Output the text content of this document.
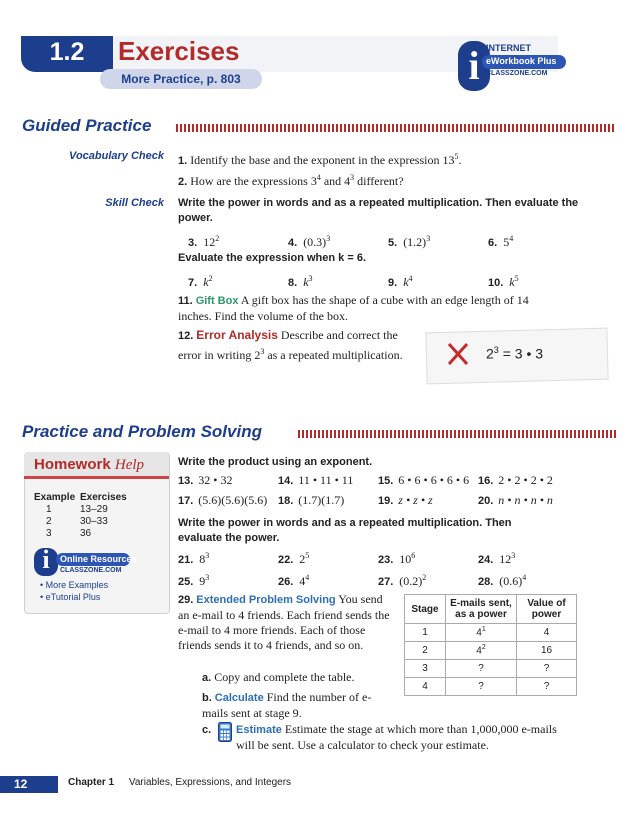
1.2	Exercises
More Practice, p. 803	i INTERNET
eWorkbook Plus
CLASSZONE.COM
Guided Practice
Vocabulary Check 1. Identify the base and the exponent in the expression $13^5$.
2. How are the expressions $3^4$ and $4^3$ different?
Skill Check Write the power in words and as a repeated multiplication. Then evaluate the power.
3. $12^2$	4. $(0.3)^3$	5. $(1.2)^3$	6. $5^4$
Evaluate the expression when k = 6.
7. $k^2$	8. $k^3$	9. $k^4$	10. $k^5$
11. Gift Box A gift box has the shape of a cube with an edge length of 14 inches. Find the volume of the box.
12. Error Analysis Describe and correct the error in writing $2^3$ as a repeated multiplication.	$2^3 = 3$ • 3
Practice and Problem Solving
Homework Help
Example Exercises
1	13–29
2	30–33
3	36
i	Online Resources
CLASSZONE.COM
• More Examples
• eTutorial Plus
Write the product using an exponent.
13. 32 • 32	14. 11 • 11 • 11 15. 6 • 6 • 6 • 6 • 6 16. 2 • 2 • 2 • 2
17. (5.6)(5.6)(5.6) 18. (1.7)(1.7)	19. z • z • z	20. n • n • n • n
Write the power in words and as a repeated multiplication. Then evaluate the power.
21. $8^3$	22. $2^5$	23. $10^6$	24. $12^3$
25. $9^3$	26. $4^4$	27. $(0.2)^2$	28. $(0.6)^4$
29. Extended Problem Solving You send an e-mail to 4 friends. Each friend sends the e-mail to 4 more friends. Each of those friends sends it to 4 friends, and so on.
a. Copy and complete the table.
b. Calculate Find the number of e-mails sent at stage 9.
c. Estimate Estimate the stage at which more than 1,000,000 e-mails will be sent. Use a calculator to check your estimate.
Stage	E-mails sent, as a power	Value of power
1	$4^1$	4
2	$4^2$	16
3	?	?
4	?	?
12	Chapter 1 Variables, Expressions, and Integers
